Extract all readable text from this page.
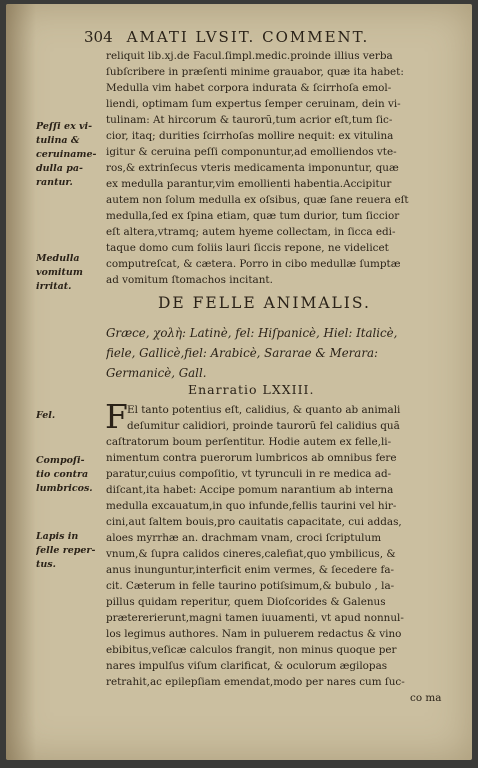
304 AMATI LVSIT. COMMENT.
reliquit lib.xj.de Facul.ſimpl.medic.proinde illius verba
ſubſcribere in præſenti minime grauabor, quæ ita habet:
Medulla vim habet corpora indurata & ſcirrhoſa emol-
liendi, optimam ſum expertus ſemper ceruinam, dein vi-
tulinam: At hircorum & taurorũ,tum acrior eſt,tum ſic-
cior, itaq; durities ſcirrhoſas mollire nequit: ex vitulina
igitur & ceruina peſſi componuntur,ad emolliendos vte-
ros,& extrinſecus vteris medicamenta imponuntur, quæ
ex medulla parantur,vim emollienti habentia.Accipitur
autem non ſolum medulla ex oſsibus, quæ ſane reuera eſt
medulla,ſed ex ſpina etiam, quæ tum durior, tum ſiccior
eſt altera,vtramq; autem hyeme collectam, in ſicca edi-
taque domo cum foliis lauri ſiccis repone, ne videlicet
computreſcat, & cætera. Porro in cibo medullæ ſumptæ
ad vomitum ſtomachos incitant.
Peſſi ex vi-
tulina &
ceruiname-
dulla pa-
rantur.
Medulla
vomitum
irritat.
Fel.
Compoſi-
tio contra
lumbricos.
Lapis in
felle reper-
tus.
DE FELLE ANIMALIS.
Græce, χολὴ: Latinè, fel: Hiſpanicè, Hiel: Italicè,
fiele, Gallicè,fiel: Arabicè, Sararae & Merara:
Germanicè, Gall.
Enarratio LXXIII.
F El tanto potentius eſt, calidius, & quanto ab animali
deſumitur calidiori, proinde taurorũ fel calidius quã
caſtratorum boum perſentitur. Hodie autem ex felle,li-
nimentum contra puerorum lumbricos ab omnibus fere
paratur,cuius compoſitio, vt tyrunculi in re medica ad-
diſcant,ita habet: Accipe pomum narantium ab interna
medulla excauatum,in quo infunde,fellis taurini vel hir-
cini,aut ſaltem bouis,pro cauitatis capacitate, cui addas,
aloes myrrhæ an. drachmam vnam, croci ſcriptulum
vnum,& ſupra calidos cineres,calefiat,quo ymbilicus, &
anus inunguntur,interficit enim vermes, & ſecedere fa-
cit. Cæterum in felle taurino potiſsimum,& bubulo , la-
pillus quidam reperitur, quem Dioſcorides & Galenus
prætererierunt,magni tamen iuuamenti, vt apud nonnul-
los legimus authores. Nam in puluerem redactus & vino
ebibitus,veſicæ calculos frangit, non minus quoque per
nares impulſus viſum clarificat, & oculorum ægilopas
retrahit,ac epilepſiam emendat,modo per nares cum ſuc-
co ma
